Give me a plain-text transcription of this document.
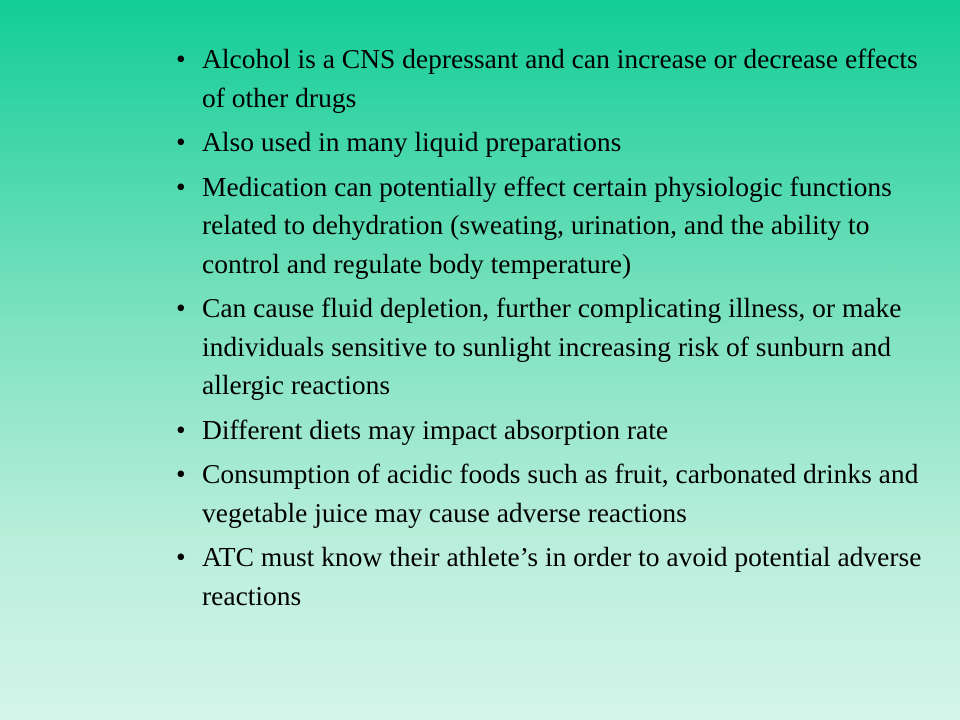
• Alcohol is a CNS depressant and can increase or decrease effects of other drugs
• Also used in many liquid preparations
• Medication can potentially effect certain physiologic functions related to dehydration (sweating, urination, and the ability to control and regulate body temperature)
• Can cause fluid depletion, further complicating illness, or make individuals sensitive to sunlight increasing risk of sunburn and allergic reactions
• Different diets may impact absorption rate
• Consumption of acidic foods such as fruit, carbonated drinks and vegetable juice may cause adverse reactions
• ATC must know their athlete’s in order to avoid potential adverse reactions
